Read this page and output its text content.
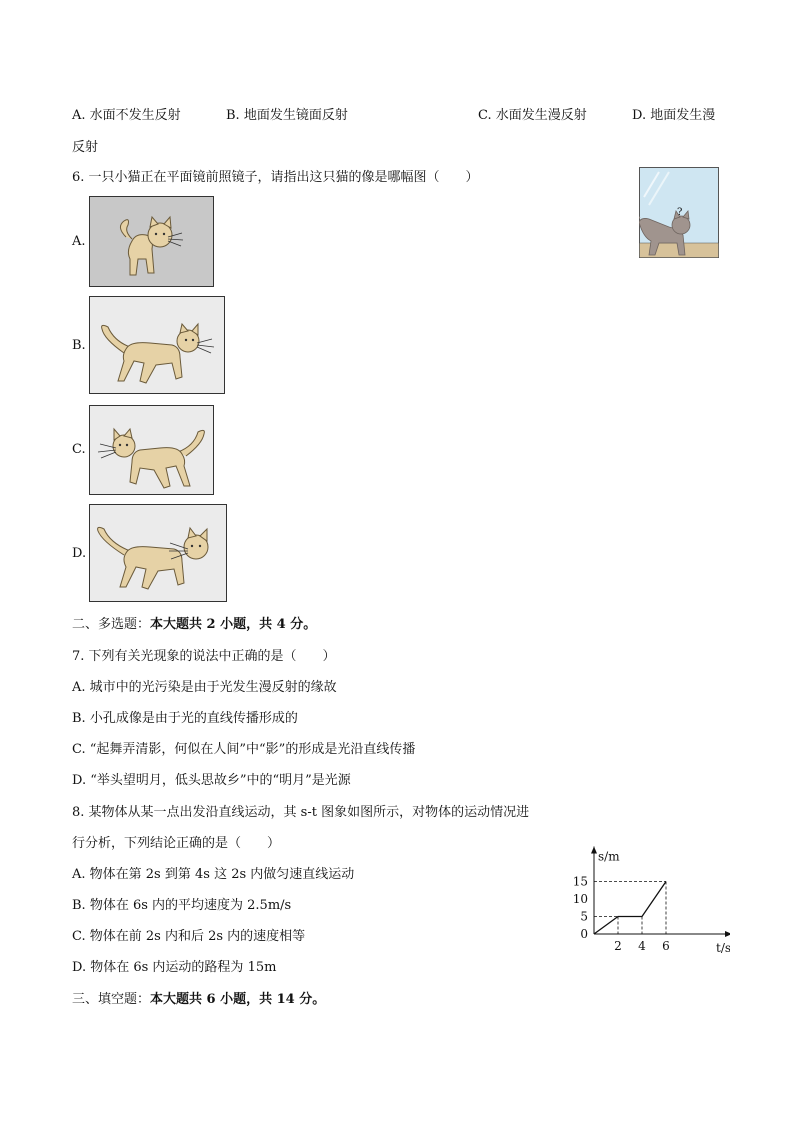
A. 水面不发生反射	B. 地面发生镜面反射	C. 水面发生漫反射	D. 地面发生漫
反射
6. 一只小猫正在平面镜前照镜子，请指出这只猫的像是哪幅图（　　）
?
A.
B.
C.
D.
二、多选题：本大题共 2 小题，共 4 分。
7. 下列有关光现象的说法中正确的是（　　）
A. 城市中的光污染是由于光发生漫反射的缘故
B. 小孔成像是由于光的直线传播形成的
C. “起舞弄清影，何似在人间”中“影”的形成是光沿直线传播
D. “举头望明月，低头思故乡”中的“明月”是光源
8. 某物体从某一点出发沿直线运动，其 s-t 图象如图所示，对物体的运动情况进
行分析，下列结论正确的是（　　）
A. 物体在第 2s 到第 4s 这 2s 内做匀速直线运动
B. 物体在 6s 内的平均速度为 2.5m/s
C. 物体在前 2s 内和后 2s 内的速度相等
D. 物体在 6s 内运动的路程为 15m
s/m
t/s
0
5
10
15
2 4 6
三、填空题：本大题共 6 小题，共 14 分。
